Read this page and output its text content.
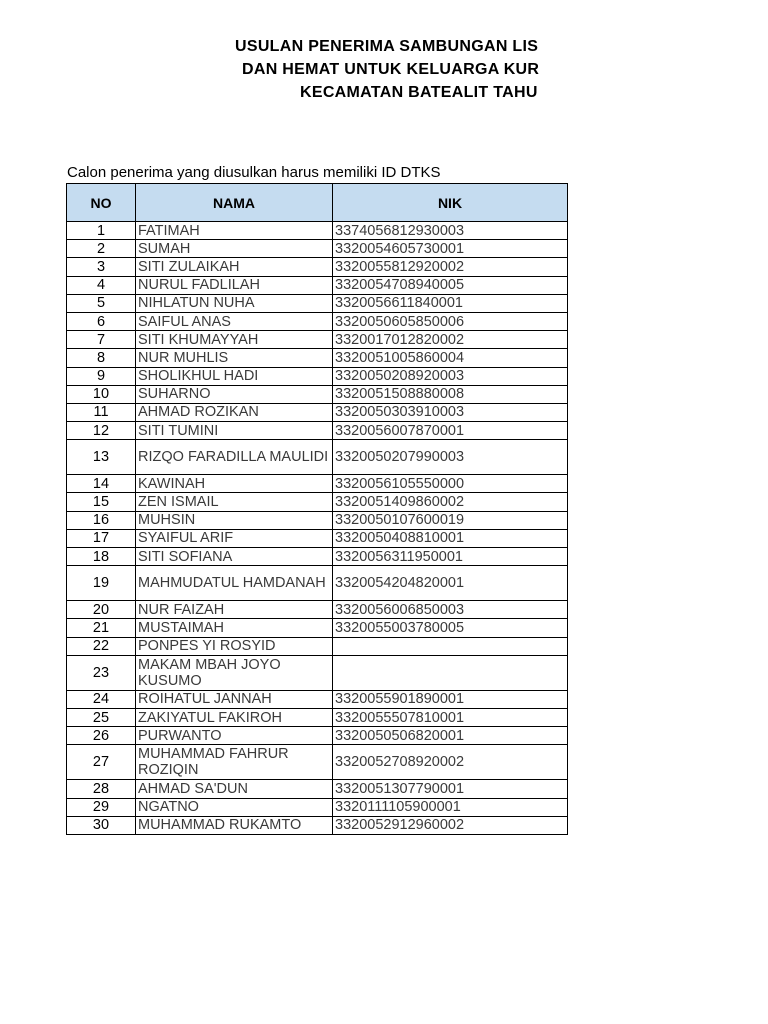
USULAN PENERIMA SAMBUNGAN LIS
DAN HEMAT UNTUK KELUARGA KUR
KECAMATAN BATEALIT TAHU
Calon penerima yang diusulkan harus memiliki ID DTKS
NO	NAMA	NIK
1	FATIMAH	3374056812930003
2	SUMAH	3320054605730001
3	SITI ZULAIKAH	3320055812920002
4	NURUL FADLILAH	3320054708940005
5	NIHLATUN NUHA	3320056611840001
6	SAIFUL ANAS	3320050605850006
7	SITI KHUMAYYAH	3320017012820002
8	NUR MUHLIS	3320051005860004
9	SHOLIKHUL HADI	3320050208920003
10	SUHARNO	3320051508880008
11	AHMAD ROZIKAN	3320050303910003
12	SITI TUMINI	3320056007870001
13	RIZQO FARADILLA MAULIDI	3320050207990003
14	KAWINAH	3320056105550000
15	ZEN ISMAIL	3320051409860002
16	MUHSIN	3320050107600019
17	SYAIFUL ARIF	3320050408810001
18	SITI SOFIANA	3320056311950001
19	MAHMUDATUL HAMDANAH	3320054204820001
20	NUR FAIZAH	3320056006850003
21	MUSTAIMAH	3320055003780005
22	PONPES YI ROSYID	
23	MAKAM MBAH JOYO KUSUMO	
24	ROIHATUL JANNAH	3320055901890001
25	ZAKIYATUL FAKIROH	3320055507810001
26	PURWANTO	3320050506820001
27	MUHAMMAD FAHRUR ROZIQIN	3320052708920002
28	AHMAD SA'DUN	3320051307790001
29	NGATNO	3320111105900001
30	MUHAMMAD RUKAMTO	3320052912960002
